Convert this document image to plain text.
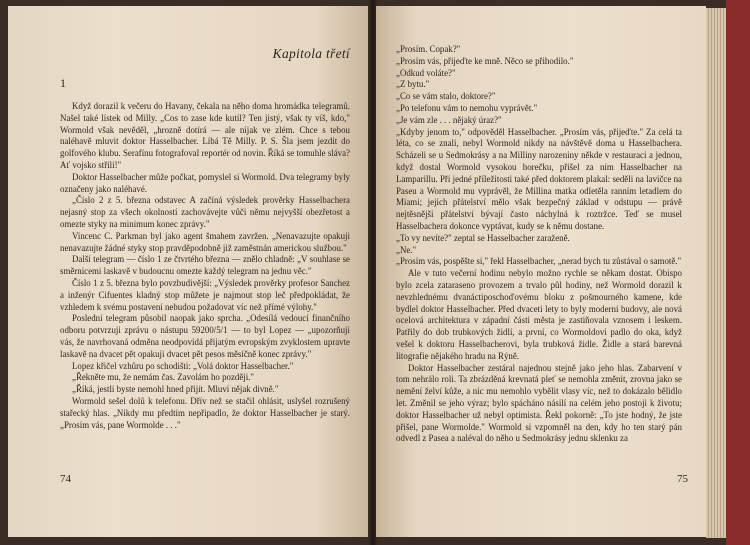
Kapitola třetí
1

Když dorazil k večeru do Havany, čekala na něho doma hromádka telegramů. Našel také lístek od Milly. „Cos to zase kde kutil? Ten jistý, však ty víš, kdo," Wormold však nevěděl, „hrozně dotírá — ale nijak ve zlém. Chce s tebou naléhavě mluvit doktor Hasselbacher. Líbá Tě Milly. P. S. Šla jsem jezdit do golfového klubu. Serafínu fotografoval reportér od novin. Říká se tomuhle sláva? Ať vojsko střílí!"

Doktor Hasselbacher může počkat, pomyslel si Wormold. Dva telegramy byly označeny jako naléhavé.

„Číslo 2 z 5. března odstavec A začíná výsledek prověrky Hasselbachera nejasný stop za všech okolností zachovávejte vůči němu nejvyšší obezřetost a omezte styky na minimum konec zprávy."

Vincenc C. Parkman byl jako agent šmahem zavržen. „Nenavazujte opakuji nenavazujte žádné styky stop pravděpodobně již zaměstnán americkou službou."

Další telegram — číslo 1 ze čtvrtého března — znělo chladně: „V souhlase se směrnicemi laskavě v budoucnu omezte každý telegram na jednu věc."

Číslo 1 z 5. března bylo povzbudivější: „Výsledek prověrky profesor Sanchez a inženýr Cifuentes kladný stop můžete je najmout stop leč předpokládat, že vzhledem k svému postavení nebudou požadovat víc než přímé výlohy."

Poslední telegram působil naopak jako sprcha. „Odesílá vedoucí finančního odboru potvrzuji zprávu o nástupu 59200/5/1 — to byl Lopez — „upozorňuji vás, že navrhovaná odměna neodpovídá přijatým evropským zvyklostem upravte laskavě na dvacet pět opakuji dvacet pět pesos měsíčně konec zprávy."

Lopez křičel vzhůru po schodišti: „Volá doktor Hasselbacher."

„Řekněte mu, že nemám čas. Zavolám ho později."

„Říká, jestli byste nemohl hned přijít. Mluví nějak divně."

Wormold sešel dolů k telefonu. Dřív než se stačil ohlásit, uslyšel rozrušený stařecký hlas. „Nikdy mu předtím nepřipadlo, že doktor Hasselbacher je starý. „Prosím vás, pane Wormolde . . ."

74

„Prosím. Copak?"

„Prosím vás, přijeďte ke mně. Něco se přihodilo."

„Odkud voláte?"

„Z bytu."

„Co se vám stalo, doktore?"

„Po telefonu vám to nemohu vyprávět."

„Je vám zle . . . nějaký úraz?"

„Kdyby jenom to," odpověděl Hasselbacher. „Prosím vás, přijeďte." Za celá ta léta, co se znali, nebyl Wormold nikdy na návštěvě doma u Hasselbachera. Scházeli se u Sedmokrásy a na Milliny narozeniny někde v restauraci a jednou, když dostal Wormold vysokou horečku, přišel za ním Hasselbacher na Lamparillu. Při jedné příležitosti také před doktorem plakal: seděli na lavičce na Paseu a Wormold mu vyprávěl, že Millina matka odletěla ranním letadlem do Miami; jejich přátelství mělo však bezpečný základ v odstupu — právě nejtěsnější přátelství bývají často náchylná k roztržce. Teď se musel Hasselbachera dokonce vyptávat, kudy se k němu dostane.

„To vy nevíte?" zeptal se Hasselbacher zaraženě.

„Ne."

„Prosím vás, pospěšte si," řekl Hasselbacher, „nerad bych tu zůstával o samotě."

Ale v tuto večerní hodinu nebylo možno rychle se někam dostat. Obispo bylo zcela zataraseno provozem a trvalo půl hodiny, než Wormold dorazil k nevzhlednému dvanáctiposchoďovému bloku z pošmourného kamene, kde bydlel doktor Hasselbacher. Před dvaceti lety to byly moderní budovy, ale nová ocelová architektura v západní části města je zastiňovala vznosem i leskem. Patřily do dob trubkových židlí, a první, co Wormoldovi padlo do oka, když vešel k doktoru Hasselbacherovi, byla trubková židle. Židle a stará barevná litografie nějakého hradu na Rýně.

Doktor Hasselbacher zestáral najednou stejně jako jeho hlas. Zabarvení v tom nehrálo roli. Ta zbrázděná krevnatá pleť se nemohla změnit, zrovna jako se nemění želví kůže, a nic mu nemohlo vybělit vlasy víc, než to dokázalo bělidlo let. Změnil se jeho výraz; bylo spácháno násilí na celém jeho postoji k životu; doktor Hasselbacher už nebyl optimista. Řekl pokorně: „To jste hodný, že jste přišel, pane Wormolde." Wormold si vzpomněl na den, kdy ho ten starý pán odvedl z Pasea a naléval do něho u Sedmokrásy jednu sklenku za

75
